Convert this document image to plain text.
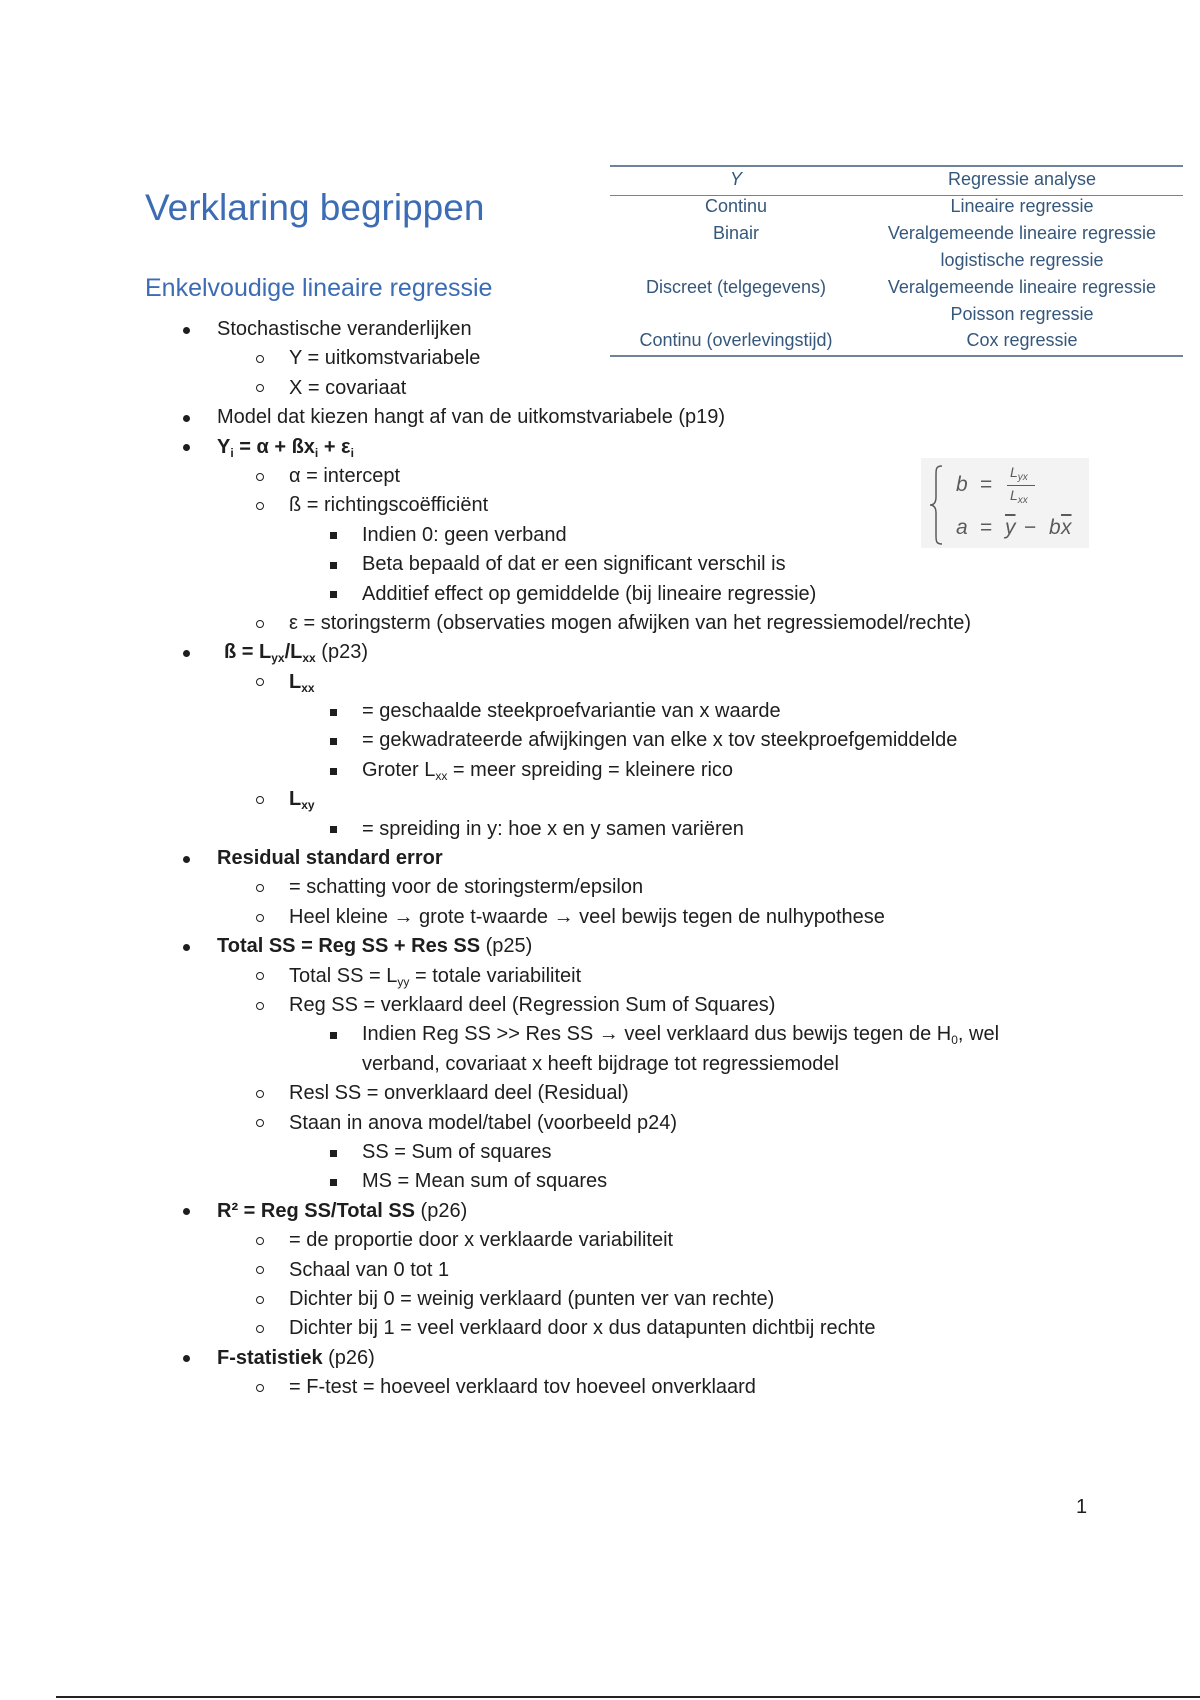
Verklaring begrippen
Enkelvoudige lineaire regressie
Y	Regressie analyse
Continu	Lineaire regressie
Binair	Veralgemeende lineaire regressie
logistische regressie
Discreet (telgegevens)	Veralgemeende lineaire regressie
Poisson regressie
Continu (overlevingstijd)	Cox regressie
b =
$L_{yx}$
$L_{xx}$
$a = \overline{y} - b$ $\overline{x}$
Stochastische veranderlijken
Y = uitkomstvariabele
X = covariaat
Model dat kiezen hangt af van de uitkomstvariabele (p19)
$Y_i = \alpha$ + $ßx_i + \varepsilon_i$
α = intercept
ß = richtingscoëfficiënt
Indien 0: geen verband
Beta bepaald of dat er een significant verschil is
Additief effect op gemiddelde (bij lineaire regressie)
ε = storingsterm (observaties mogen afwijken van het regressiemodel/rechte)
ß = $L_{yx}/L_{xx}$ (p23)
$L_{xx}$
= geschaalde steekproefvariantie van x waarde
= gekwadrateerde afwijkingen van elke x tov steekproefgemiddelde
Groter $L_{xx}$ = meer spreiding = kleinere rico
$L_{xy}$
= spreiding in y: hoe x en y samen variëren
Residual standard error
= schatting voor de storingsterm/epsilon
Heel kleine → grote t-waarde → veel bewijs tegen de nulhypothese
Total SS = Reg SS + Res SS (p25)
Total SS = $L_{yy}$ = totale variabiliteit
Reg SS = verklaard deel (Regression Sum of Squares)
Indien Reg SS >> Res SS → veel verklaard dus bewijs tegen de $H_0$, wel
verband, covariaat x heeft bijdrage tot regressiemodel
Resl SS = onverklaard deel (Residual)
Staan in anova model/tabel (voorbeeld p24)
SS = Sum of squares
MS = Mean sum of squares
R² = Reg SS/Total SS (p26)
= de proportie door x verklaarde variabiliteit
Schaal van 0 tot 1
Dichter bij 0 = weinig verklaard (punten ver van rechte)
Dichter bij 1 = veel verklaard door x dus datapunten dichtbij rechte
F-statistiek (p26)
= F-test = hoeveel verklaard tov hoeveel onverklaard
1
